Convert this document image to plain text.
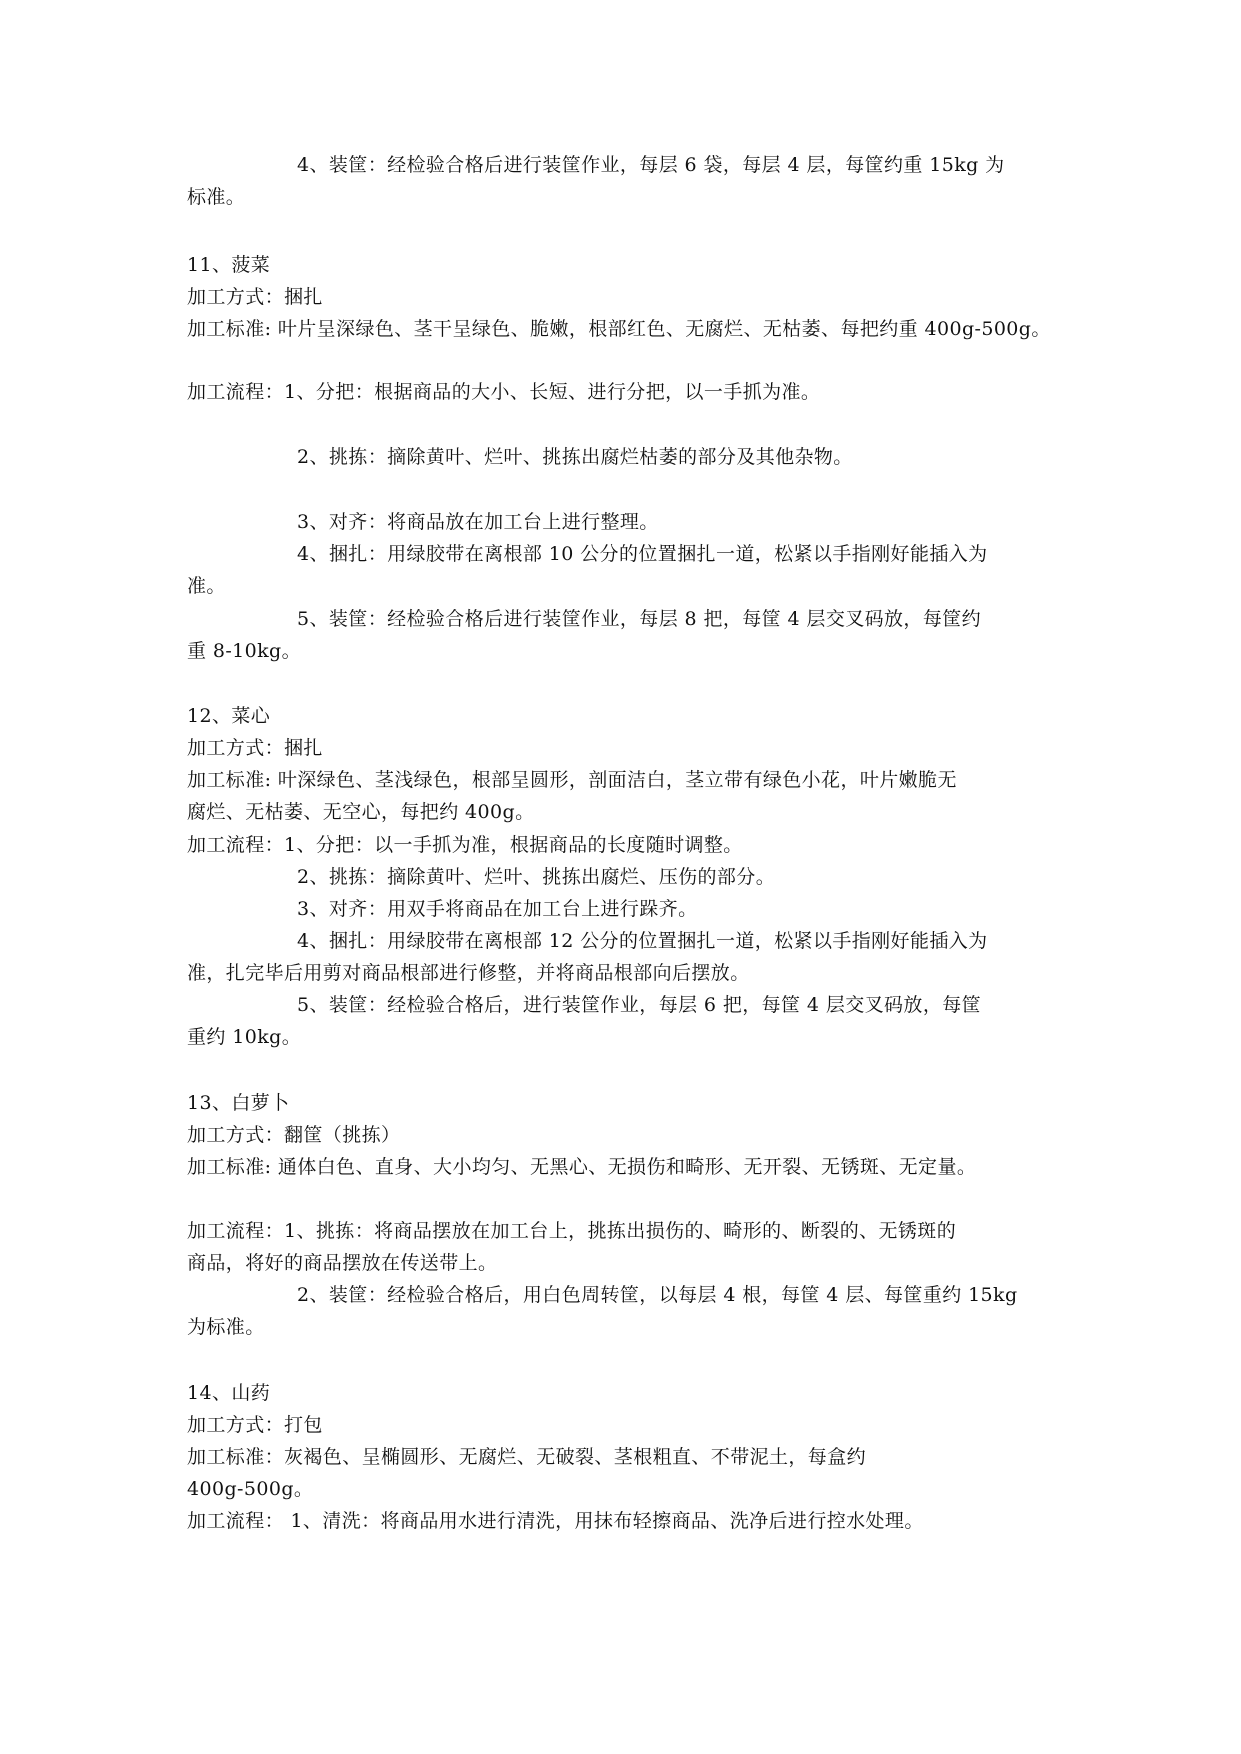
4、装筐：经检验合格后进行装筐作业，每层 6 袋，每层 4 层，每筐约重 15kg 为
标准。
11、菠菜
加工方式：捆扎
加工标准: 叶片呈深绿色、茎干呈绿色、脆嫩，根部红色、无腐烂、无枯萎、每把约重 400g-500g。
加工流程：1、分把：根据商品的大小、长短、进行分把，以一手抓为准。
2、挑拣：摘除黄叶、烂叶、挑拣出腐烂枯萎的部分及其他杂物。
3、对齐：将商品放在加工台上进行整理。
4、捆扎：用绿胶带在离根部 10 公分的位置捆扎一道，松紧以手指刚好能插入为
准。
5、装筐：经检验合格后进行装筐作业，每层 8 把，每筐 4 层交叉码放，每筐约
重 8-10kg。
12、菜心
加工方式：捆扎
加工标准: 叶深绿色、茎浅绿色，根部呈圆形，剖面洁白，茎立带有绿色小花，叶片嫩脆无
腐烂、无枯萎、无空心，每把约 400g。
加工流程：1、分把：以一手抓为准，根据商品的长度随时调整。
2、挑拣：摘除黄叶、烂叶、挑拣出腐烂、压伤的部分。
3、对齐：用双手将商品在加工台上进行跺齐。
4、捆扎：用绿胶带在离根部 12 公分的位置捆扎一道，松紧以手指刚好能插入为
准，扎完毕后用剪对商品根部进行修整，并将商品根部向后摆放。
5、装筐：经检验合格后，进行装筐作业，每层 6 把，每筐 4 层交叉码放，每筐
重约 10kg。
13、白萝卜
加工方式：翻筐（挑拣）
加工标准: 通体白色、直身、大小均匀、无黑心、无损伤和畸形、无开裂、无锈斑、无定量。
加工流程：1、挑拣：将商品摆放在加工台上，挑拣出损伤的、畸形的、断裂的、无锈斑的
商品，将好的商品摆放在传送带上。
2、装筐：经检验合格后，用白色周转筐，以每层 4 根，每筐 4 层、每筐重约 15kg
为标准。
14、山药
加工方式：打包
加工标准：灰褐色、呈椭圆形、无腐烂、无破裂、茎根粗直、不带泥土，每盒约
400g-500g。
加工流程： 1、清洗：将商品用水进行清洗，用抹布轻擦商品、洗净后进行控水处理。
